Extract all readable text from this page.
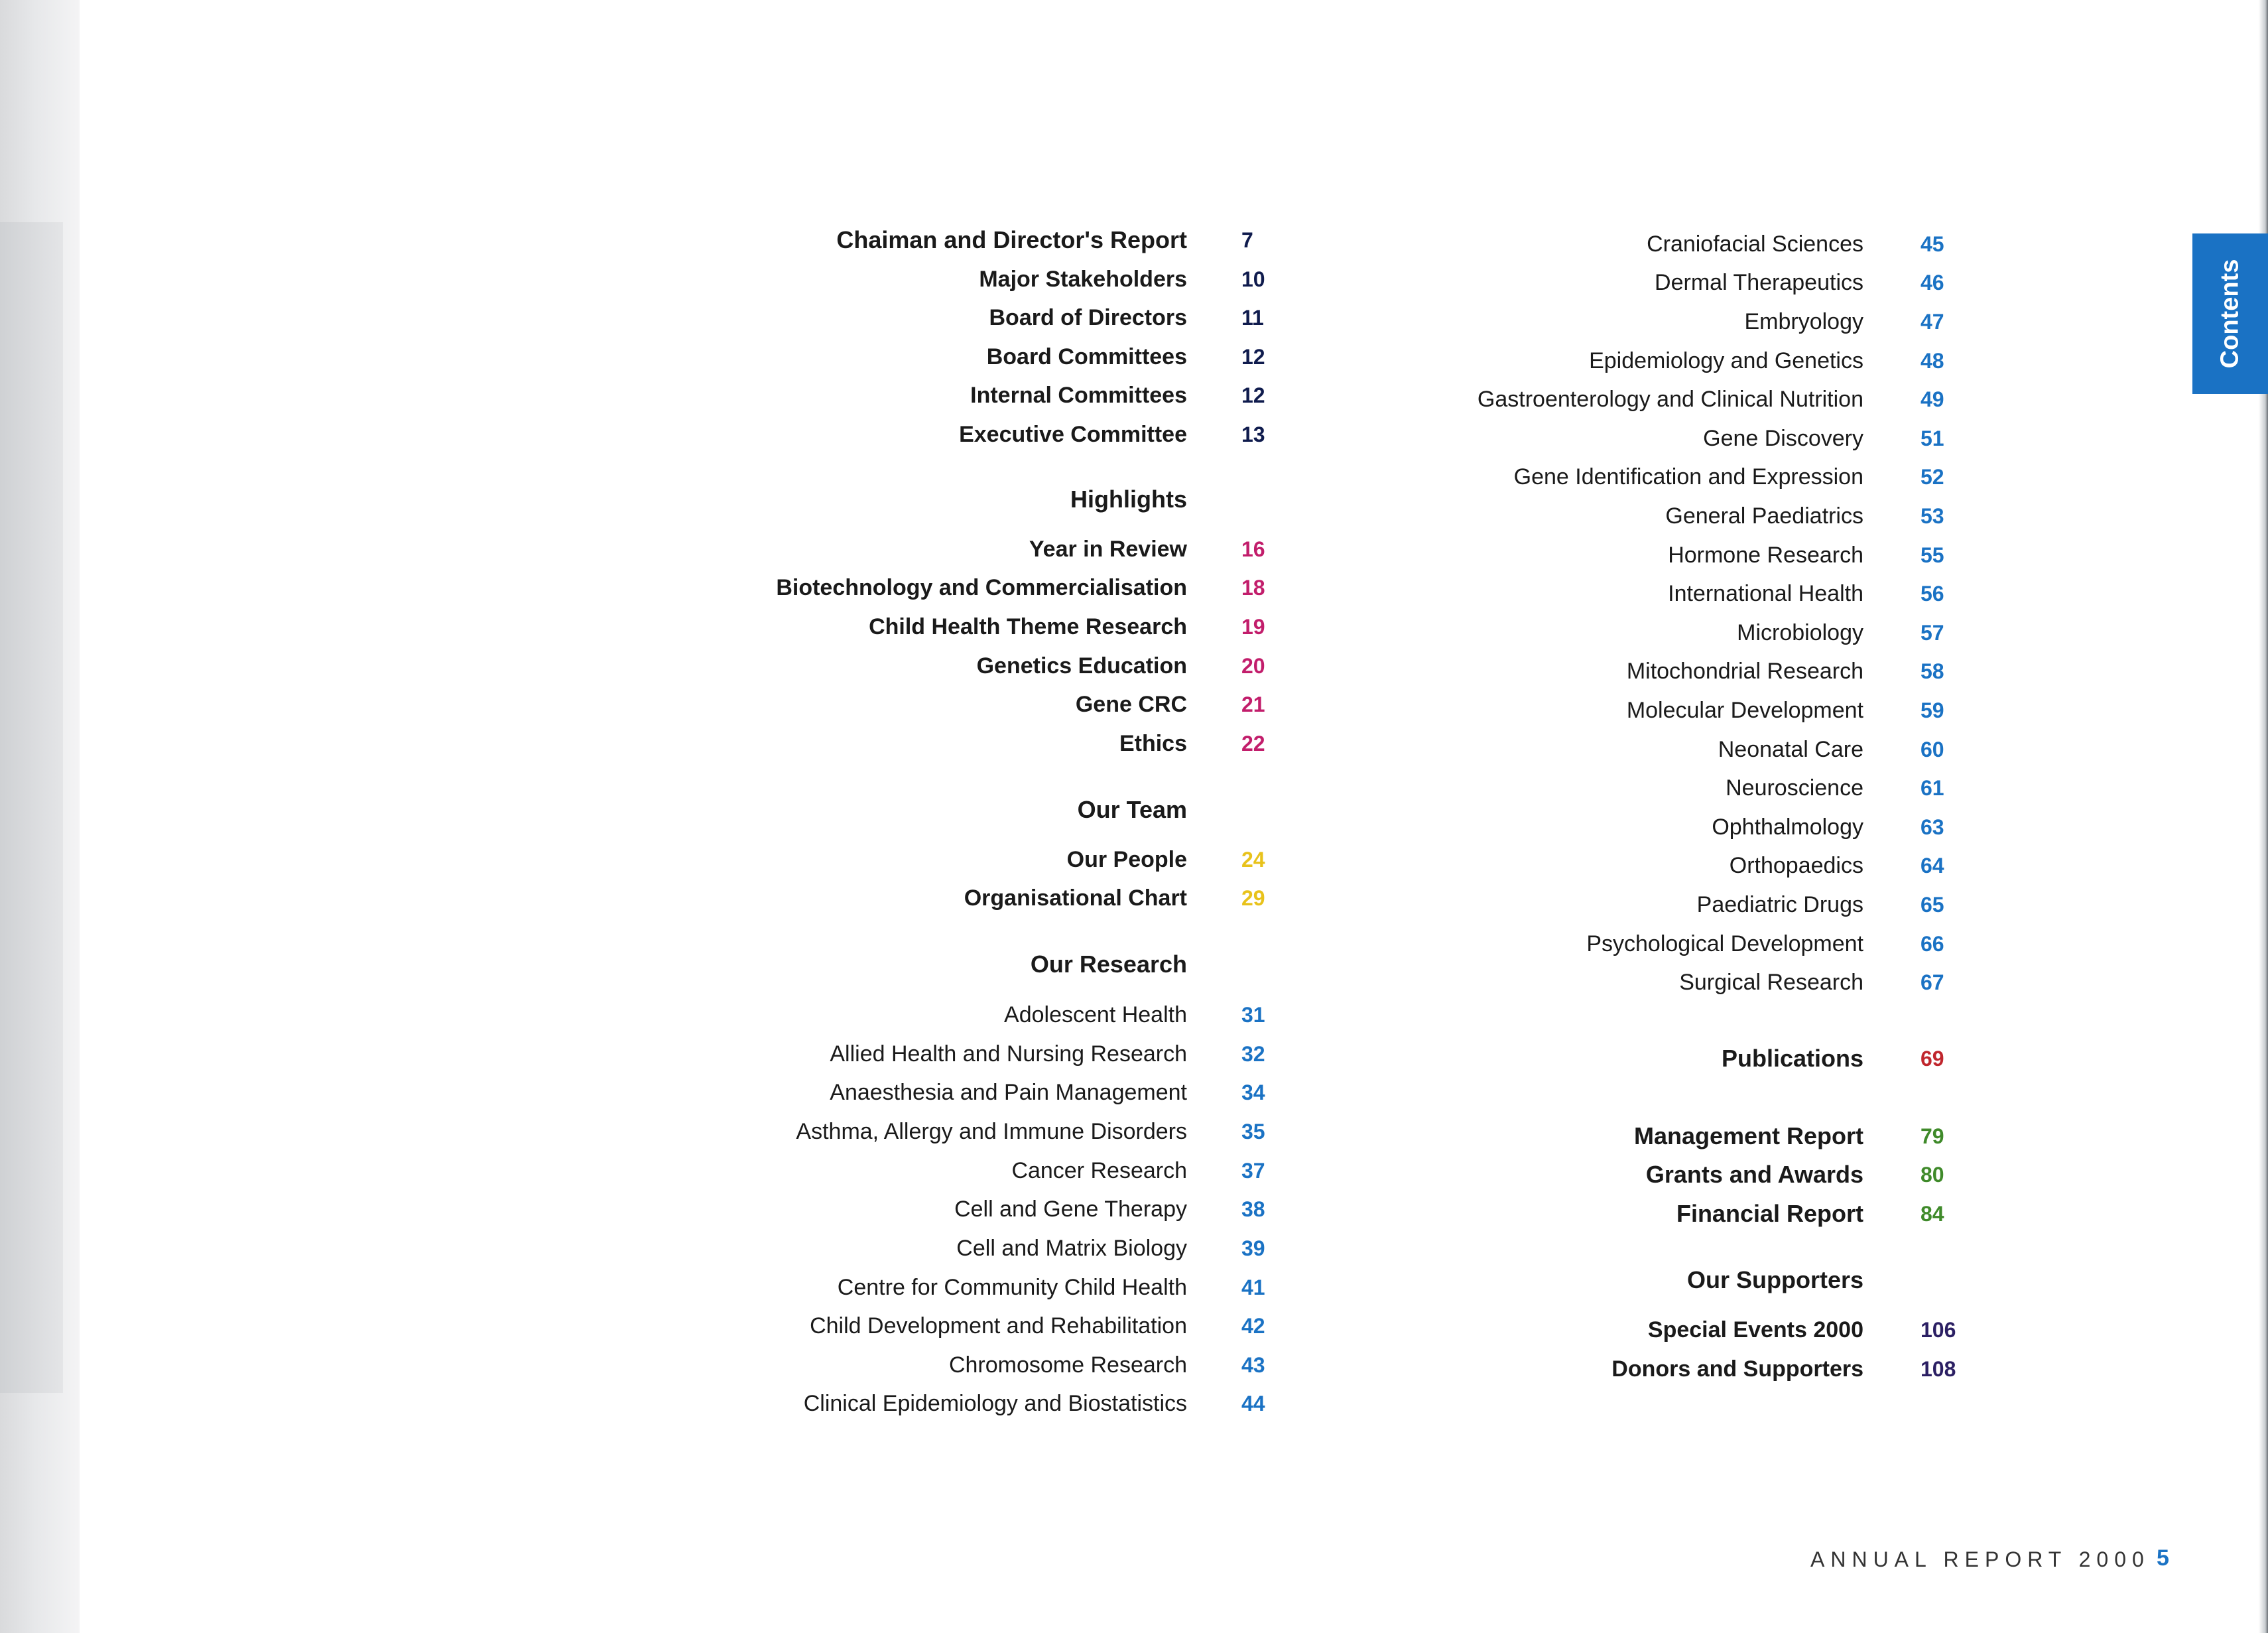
Chaiman and Director's Report	7
Major Stakeholders	10
Board of Directors	11
Board Committees	12
Internal Committees	12
Executive Committee	13
Highlights
Year in Review	16
Biotechnology and Commercialisation	18
Child Health Theme Research	19
Genetics Education	20
Gene CRC	21
Ethics	22
Our Team
Our People	24
Organisational Chart	29
Our Research
Adolescent Health	31
Allied Health and Nursing Research	32
Anaesthesia and Pain Management	34
Asthma, Allergy and Immune Disorders	35
Cancer Research	37
Cell and Gene Therapy	38
Cell and Matrix Biology	39
Centre for Community Child Health	41
Child Development and Rehabilitation	42
Chromosome Research	43
Clinical Epidemiology and Biostatistics	44
Craniofacial Sciences	45
Dermal Therapeutics	46
Embryology	47
Epidemiology and Genetics	48
Gastroenterology and Clinical Nutrition	49
Gene Discovery	51
Gene Identification and Expression	52
General Paediatrics	53
Hormone Research	55
International Health	56
Microbiology	57
Mitochondrial Research	58
Molecular Development	59
Neonatal Care	60
Neuroscience	61
Ophthalmology	63
Orthopaedics	64
Paediatric Drugs	65
Psychological Development	66
Surgical Research	67
Publications	69
Management Report	79
Grants and Awards	80
Financial Report	84
Our Supporters
Special Events 2000	106
Donors and Supporters	108
Contents
ANNUAL REPORT 2000 5
